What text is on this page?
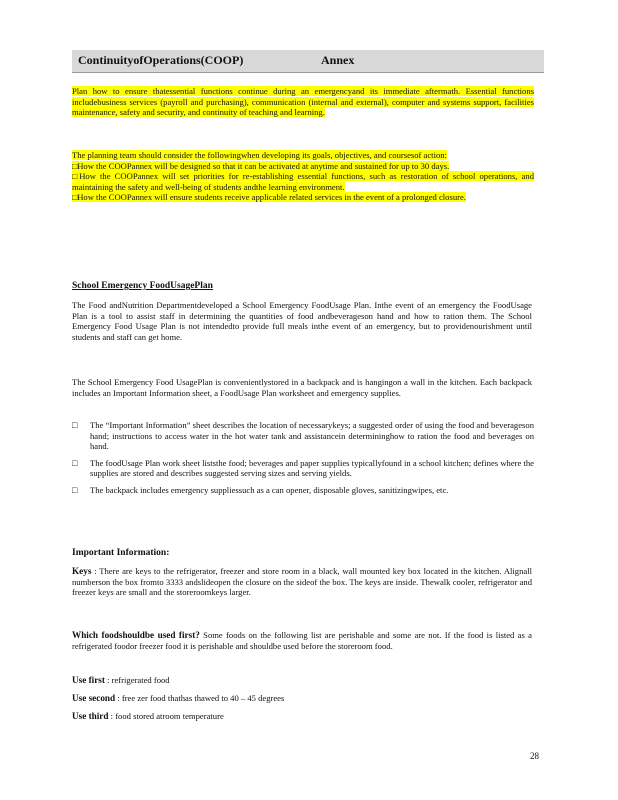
ContinuityofOperations(COOP)	Annex
Plan how to ensure thatessential functions continue during an emergencyand its immediate aftermath. Essential functions includebusiness services (payroll and purchasing), communication (internal and external), computer and systems support, facilities maintenance, safety and security, and continuity of teaching and learning.
The planning team should consider the followingwhen developing its goals, objectives, and coursesof action:
□How the COOPannex will be designed so that it can be activated at anytime and sustained for up to 30 days.
□How the COOPannex will set priorities for re-establishing essential functions, such as restoration of school operations, and maintaining the safety and well-being of students andthe learning environment.
□How the COOPannex will ensure students receive applicable related services in the event of a prolonged closure.
School Emergency FoodUsagePlan
The Food andNutrition Departmentdeveloped a School Emergency FoodUsage Plan. Inthe event of an emergency the FoodUsage Plan is a tool to assist staff in determining the quantities of food andbeverageson hand and how to ration them. The School Emergency Food Usage Plan is not intendedto provide full meals inthe event of an emergency, but to providenourishment until students and staff can get home.
The School Emergency Food UsagePlan is convenientlystored in a backpack and is hangingon a wall in the kitchen. Each backpack includes an Important Information sheet, a FoodUsage Plan worksheet and emergency supplies.
□ The “Important Information” sheet describes the location of necessarykeys; a suggested order of using the food and beverageson hand; instructions to access water in the hot water tank and assistancein determininghow to ration the food and beverages on hand.
□ The foodUsage Plan work sheet liststhe food; beverages and paper supplies typicallyfound in a school kitchen; defines where the supplies are stored and describes suggested serving sizes and serving yields.
□ The backpack includes emergency suppliessuch as a can opener, disposable gloves, sanitizingwipes, etc.
Important Information:
Keys : There are keys to the refrigerator, freezer and store room in a black, wall mounted key box located in the kitchen. Alignall numberson the box fromto 3333 andslideopen the closure on the sideof the box. The keys are inside. Thewalk cooler, refrigerator and freezer keys are small and the storeroomkeys larger.
Which foodshouldbe used first? Some foods on the following list are perishable and some are not. If the food is listed as a refrigerated foodor freezer food it is perishable and shouldbe used before the storeroom food.
Use first : refrigerated food
Use second : free zer food thathas thawed to 40 – 45 degrees
Use third : food stored atroom temperature
28
